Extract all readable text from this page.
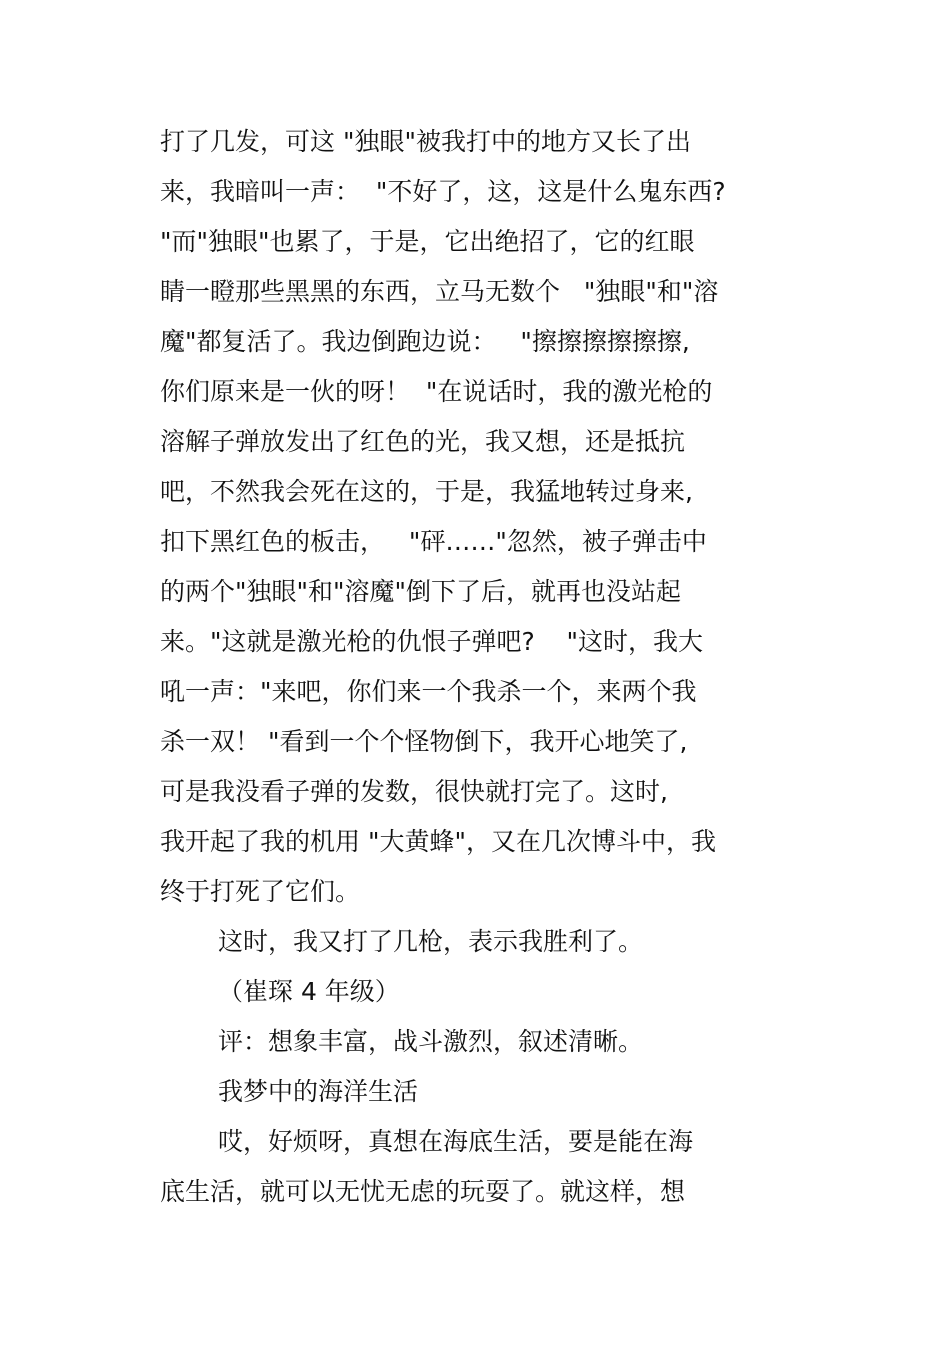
打了几发，可这 "独眼"被我打中的地方又长了出
来，我暗叫一声：  "不好了，这，这是什么鬼东西?
"而"独眼"也累了，于是，它出绝招了，它的红眼
睛一瞪那些黑黑的东西，立马无数个   "独眼"和"溶
魔"都复活了。我边倒跑边说：   "擦擦擦擦擦擦,
你们原来是一伙的呀！  "在说话时，我的激光枪的
溶解子弹放发出了红色的光，我又想，还是抵抗
吧，不然我会死在这的，于是，我猛地转过身来,
扣下黑红色的板击，   "砰……"忽然，被子弹击中
的两个"独眼"和"溶魔"倒下了后，就再也没站起
来。"这就是激光枪的仇恨子弹吧?    "这时，我大
吼一声："来吧，你们来一个我杀一个，来两个我
杀一双！ "看到一个个怪物倒下，我开心地笑了,
可是我没看子弹的发数，很快就打完了。这时,
我开起了我的机用 "大黄蜂"，又在几次博斗中，我
终于打死了它们。
这时，我又打了几枪，表示我胜利了。
（崔琛 4 年级）
评：想象丰富，战斗激烈，叙述清晰。
我梦中的海洋生活
哎，好烦呀，真想在海底生活，要是能在海
底生活，就可以无忧无虑的玩耍了。就这样，想
